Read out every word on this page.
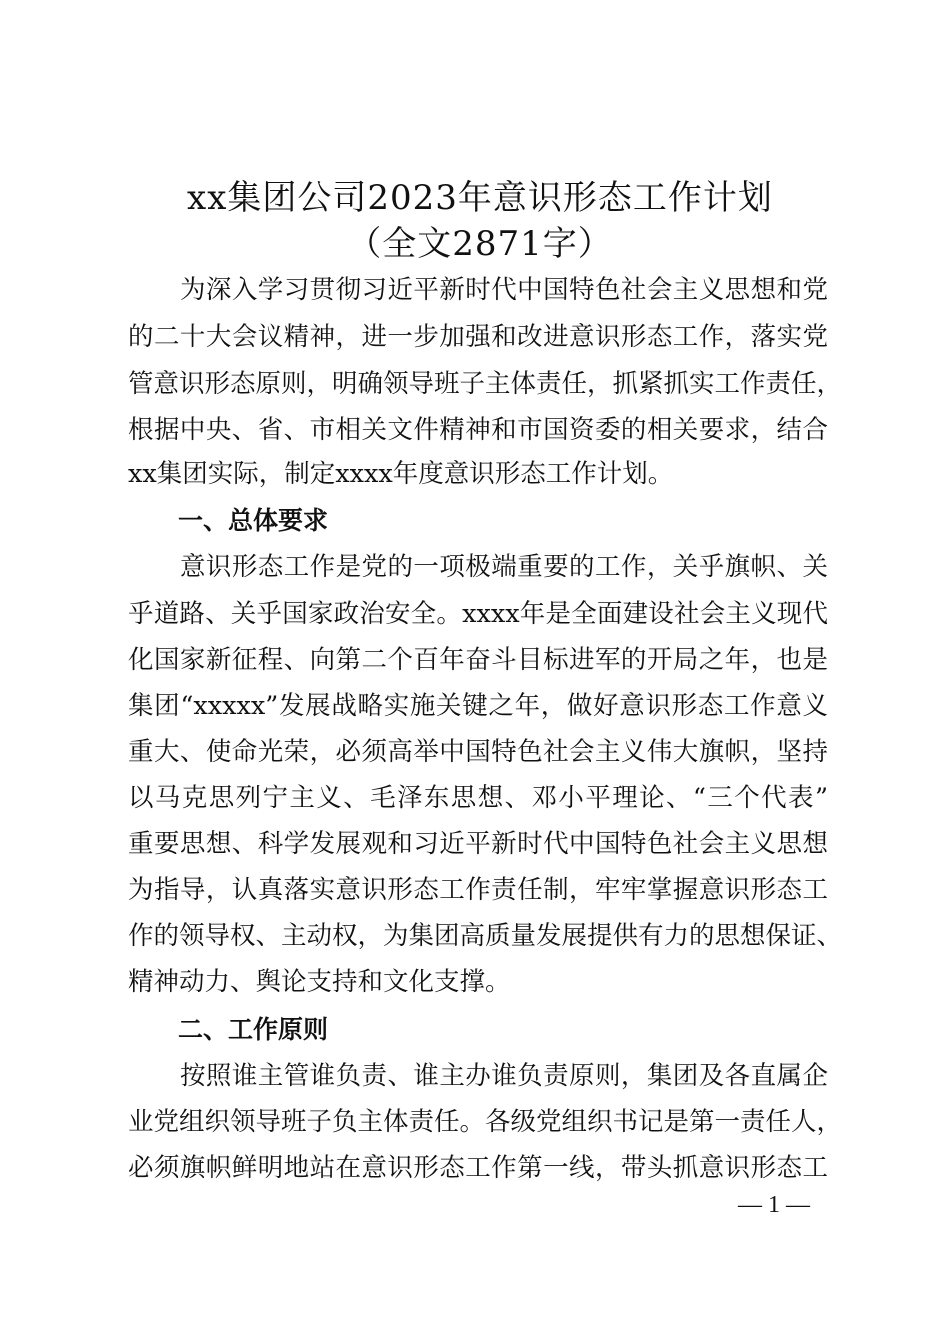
xx集团公司2023年意识形态工作计划
（全文2871字）
为深入学习贯彻习近平新时代中国特色社会主义思想和党
的二十大会议精神，进一步加强和改进意识形态工作，落实党
管意识形态原则，明确领导班子主体责任，抓紧抓实工作责任，
根据中央、省、市相关文件精神和市国资委的相关要求，结合
xx集团实际，制定xxxx年度意识形态工作计划。
一、总体要求
意识形态工作是党的一项极端重要的工作，关乎旗帜、关
乎道路、关乎国家政治安全。xxxx年是全面建设社会主义现代
化国家新征程、向第二个百年奋斗目标进军的开局之年，也是
集团“xxxxx”发展战略实施关键之年，做好意识形态工作意义
重大、使命光荣，必须高举中国特色社会主义伟大旗帜，坚持
以马克思列宁主义、毛泽东思想、邓小平理论、“三个代表”
重要思想、科学发展观和习近平新时代中国特色社会主义思想
为指导，认真落实意识形态工作责任制，牢牢掌握意识形态工
作的领导权、主动权，为集团高质量发展提供有力的思想保证、
精神动力、舆论支持和文化支撑。
二、工作原则
按照谁主管谁负责、谁主办谁负责原则，集团及各直属企
业党组织领导班子负主体责任。各级党组织书记是第一责任人，
必须旗帜鲜明地站在意识形态工作第一线，带头抓意识形态工
— 1 —
